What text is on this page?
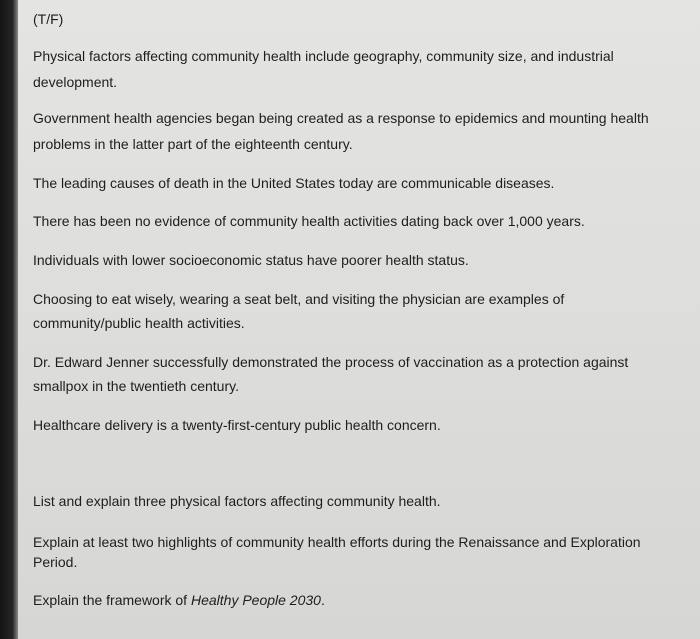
(T/F)
Physical factors affecting community health include geography, community size, and industrial
development.
Government health agencies began being created as a response to epidemics and mounting health
problems in the latter part of the eighteenth century.
The leading causes of death in the United States today are communicable diseases.
There has been no evidence of community health activities dating back over 1,000 years.
Individuals with lower socioeconomic status have poorer health status.
Choosing to eat wisely, wearing a seat belt, and visiting the physician are examples of
community/public health activities.
Dr. Edward Jenner successfully demonstrated the process of vaccination as a protection against
smallpox in the twentieth century.
Healthcare delivery is a twenty-first-century public health concern.
List and explain three physical factors affecting community health.
Explain at least two highlights of community health efforts during the Renaissance and Exploration
Period.
Explain the framework of Healthy People 2030.
